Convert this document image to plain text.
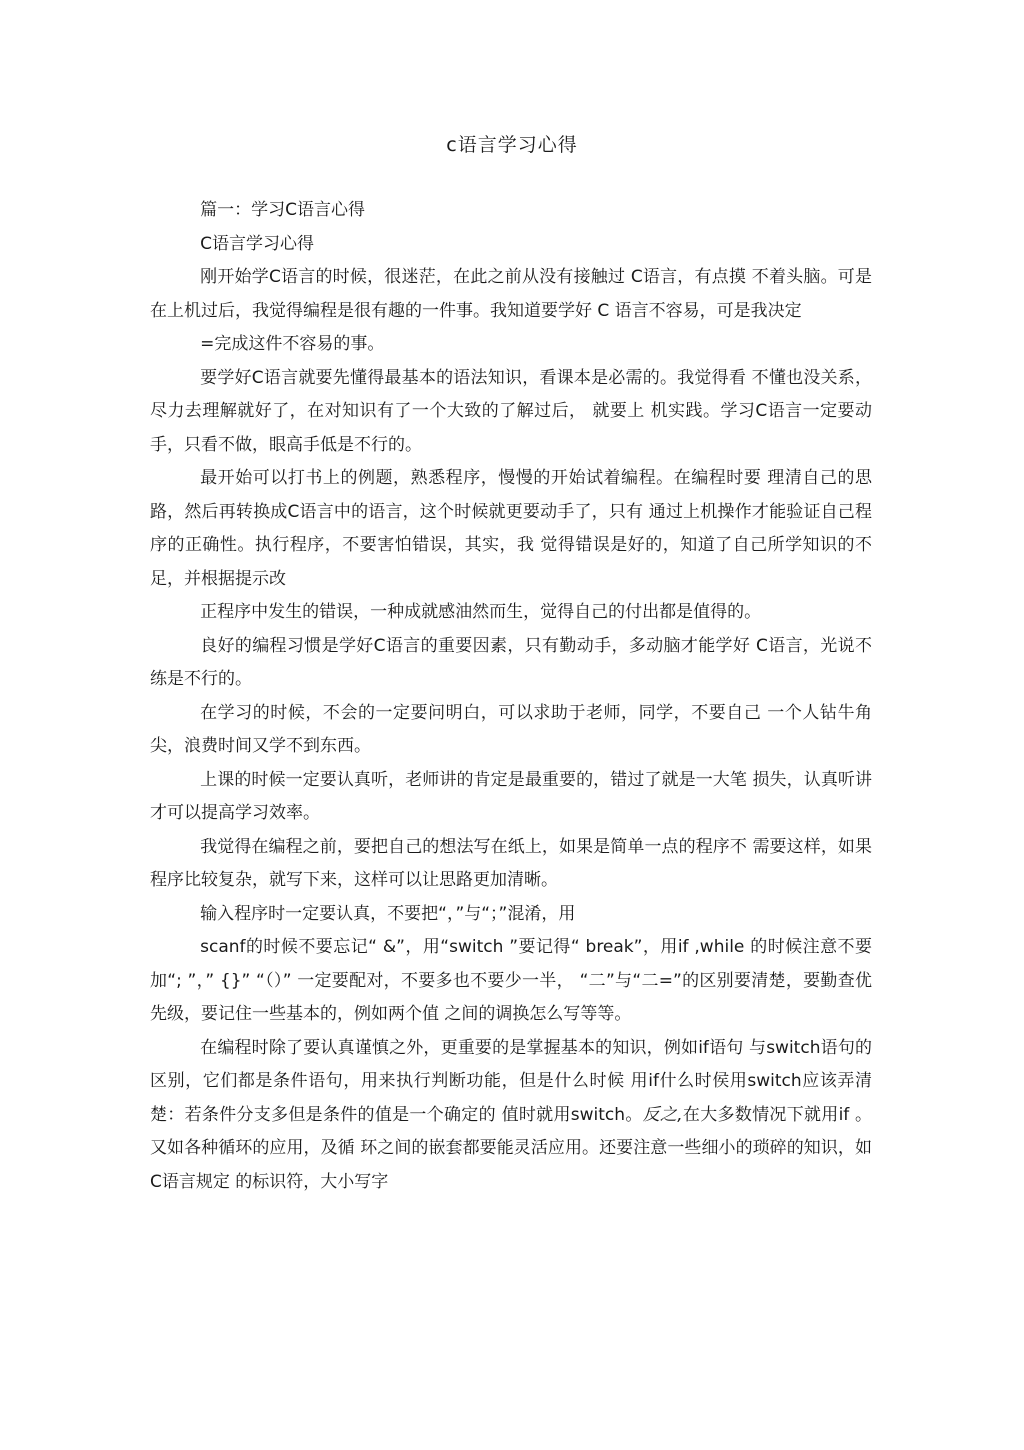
c语言学习心得

篇一：学习C语言心得

C语言学习心得

刚开始学C语言的时候，很迷茫，在此之前从没有接触过 C语言，有点摸 不着头脑。可是在上机过后，我觉得编程是很有趣的一件事。我知道要学好 C 语言不容易，可是我决定

=完成这件不容易的事。

要学好C语言就要先懂得最基本的语法知识，看课本是必需的。我觉得看 不懂也没关系，尽力去理解就好了，在对知识有了一个大致的了解过后， 就要上 机实践。学习C语言一定要动手，只看不做，眼高手低是不行的。

最开始可以打书上的例题，熟悉程序，慢慢的开始试着编程。在编程时要 理清自己的思路，然后再转换成C语言中的语言，这个时候就更要动手了，只有 通过上机操作才能验证自己程序的正确性。执行程序，不要害怕错误，其实，我 觉得错误是好的，知道了自己所学知识的不足，并根据提示改

正程序中发生的错误，一种成就感油然而生，觉得自己的付出都是值得的。

良好的编程习惯是学好C语言的重要因素，只有勤动手，多动脑才能学好 C语言，光说不练是不行的。

在学习的时候，不会的一定要问明白，可以求助于老师，同学，不要自己 一个人钻牛角尖，浪费时间又学不到东西。

上课的时候一定要认真听，老师讲的肯定是最重要的，错过了就是一大笔 损失，认真听讲才可以提高学习效率。

我觉得在编程之前，要把自己的想法写在纸上，如果是简单一点的程序不 需要这样，如果程序比较复杂，就写下来，这样可以让思路更加清晰。

输入程序时一定要认真，不要把“，”与“；”混淆，用

scanf的时候不要忘记“ &”，用“switch ”要记得“ break”，用if ,while 的时候注意不要加“; ”，” {}” “（）” 一定要配对，不要多也不要少一半， “二”与“二=”的区别要清楚，要勤查优先级，要记住一些基本的，例如两个值 之间的调换怎么写等等。

在编程时除了要认真谨慎之外，更重要的是掌握基本的知识，例如if语句 与switch语句的区别，它们都是条件语句，用来执行判断功能，但是什么时候 用if什么时侯用switch应该弄清楚：若条件分支多但是条件的值是一个确定的 值时就用switch。反之,在大多数情况下就用if 。又如各种循环的应用，及循 环之间的嵌套都要能灵活应用。还要注意一些细小的琐碎的知识，如C语言规定 的标识符，大小写字
